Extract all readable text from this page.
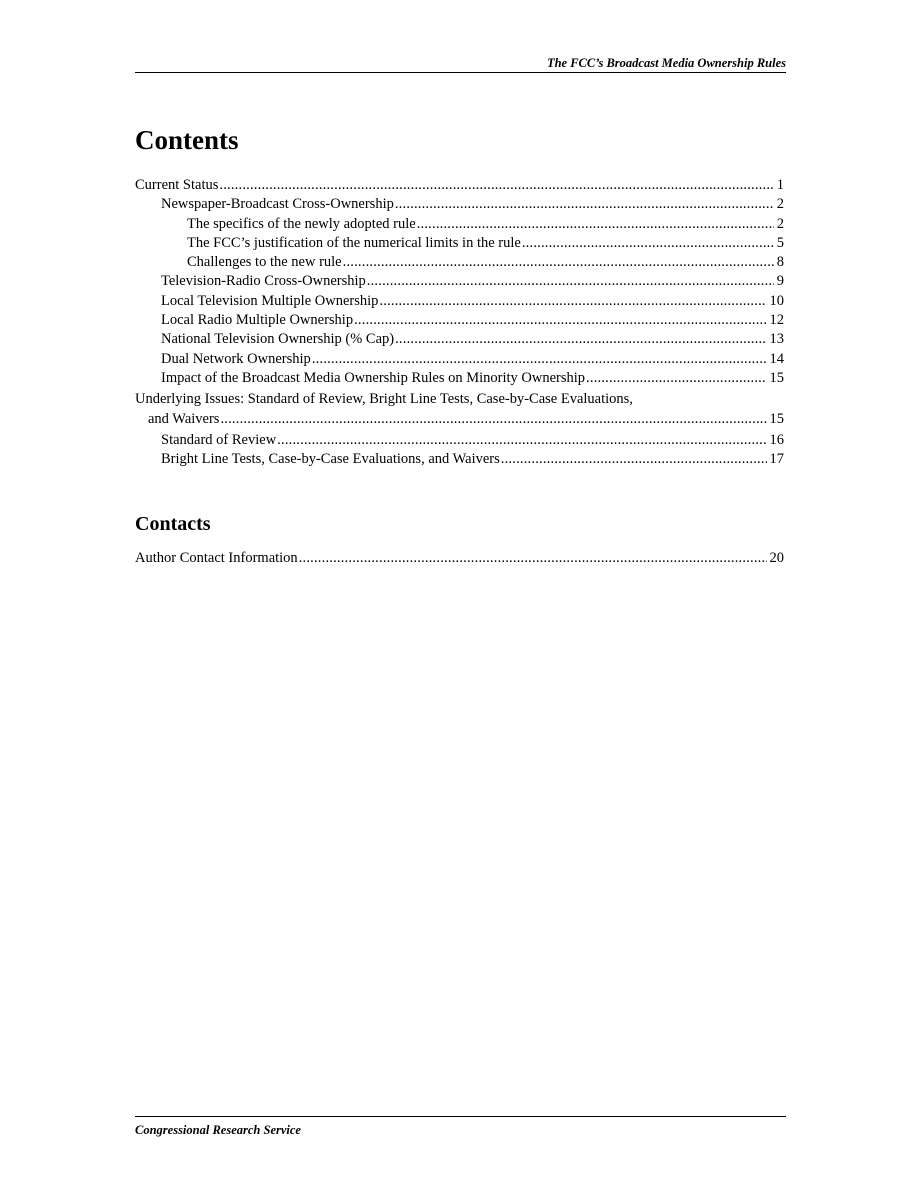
The FCC’s Broadcast Media Ownership Rules
Contents
Current Status .....	1
Newspaper-Broadcast Cross-Ownership .....	2
The specifics of the newly adopted rule .....	2
The FCC’s justification of the numerical limits in the rule .....	5
Challenges to the new rule .....	8
Television-Radio Cross-Ownership .....	9
Local Television Multiple Ownership .....	10
Local Radio Multiple Ownership .....	12
National Television Ownership (% Cap) .....	13
Dual Network Ownership .....	14
Impact of the Broadcast Media Ownership Rules on Minority Ownership .....	15
Underlying Issues: Standard of Review, Bright Line Tests, Case-by-Case Evaluations,
and Waivers .....	15
Standard of Review .....	16
Bright Line Tests, Case-by-Case Evaluations, and Waivers .....	17
Contacts
Author Contact Information .....	20
Congressional Research Service
